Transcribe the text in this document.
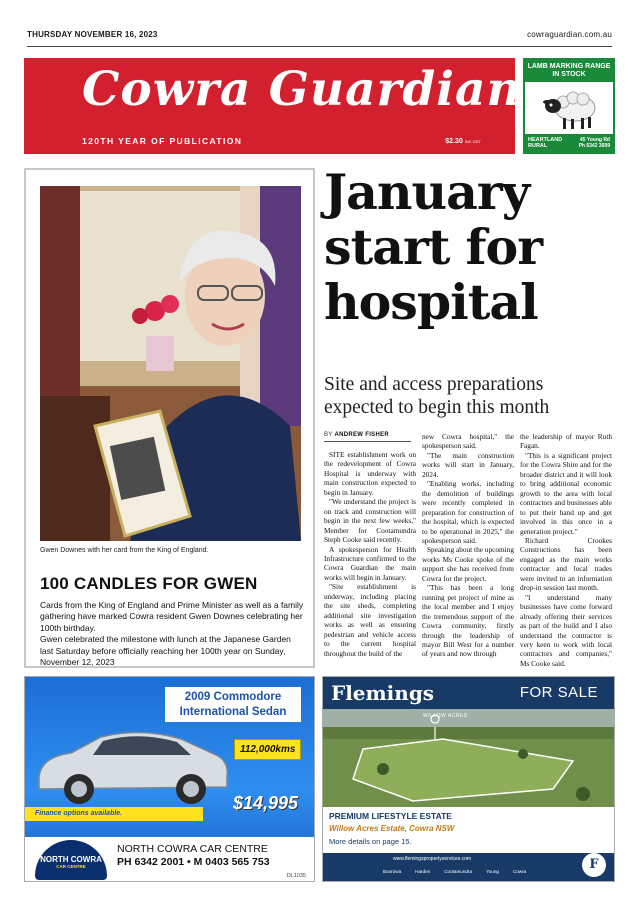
THURSDAY NOVEMBER 16, 2023	cowraguardian.com.au
Cowra Guardian
120TH YEAR OF PUBLICATION	$2.30 INC GST
LAMB MARKING RANGE IN STOCK
HEARTLAND
RURAL
45 Young Rd
Ph 6342 3699
Gwen Downes with her card from the King of England.
100 CANDLES FOR GWEN

Cards from the King of England and Prime Minister as well as a family gathering have marked Cowra resident Gwen Downes celebrating her 100th birthday.

Gwen celebrated the milestone with lunch at the Japanese Garden last Saturday before officially reaching her 100th year on Sunday, November 12, 2023

January start for hospital
Site and access preparations expected to begin this month

SITE establishment work on the redevelopment of Cowra Hospital is underway with main construction expected to begin in January.

"We understand the project is on track and construction will begin in the next few weeks," Member for Cootamundra Steph Cooke said recently.

A spokesperson for Health Infrastructure confirmed to the Cowra Guardian the main works will begin in January.

"Site establishment is underway, including placing the site sheds, completing additional site investigation works as well as ensuring pedestrian and vehicle access to the current hospital throughout the build of the

new Cowra hospital," the spokesperson said.

"The main construction works will start in January, 2024.

"Enabling works, including the demolition of buildings were recently completed in preparation for construction of the hospital, which is expected to be operational in 2025," the spokesperson said.

Speaking about the upcoming works Ms Cooke spoke of the support she has received from Cowra for the project.

"This has been a long running pet project of mine as the local member and I enjoy the tremendous support of the Cowra community, firstly through the leadership of mayor Bill West for a number of years and now through

the leadership of mayor Ruth Fagan.

"This is a significant project for the Cowra Shire and for the broader district and it will look to bring additional economic growth to the area with local contractors and businesses able to put their hand up and get involved in this once in a generation project."

Richard Crookes Constructions has been engaged as the main works contractor and local trades were invited to an information drop-in session last month.

"I understand many businesses have come forward already offering their services as part of the build and I also understand the contractor is very keen to work with local contractors and companies," Ms Cooke said.

BY ANDREW FISHER
2009 Commodore
International Sedan
112,000kms
$14,995
Finance options available.
NORTH COWRA
CAR CENTRE
NORTH COWRA CAR CENTRE
PH 6342 2001 • M 0403 565 753
DL1035
Flemings	FOR SALE
WILLOW ACRES
PREMIUM LIFESTYLE ESTATE
Willow Acres Estate, Cowra NSW
More details on page 15.
www.flemingspropertyservices.com
Boorowa	Harden	Cootamundra	Young	Cowra	F
